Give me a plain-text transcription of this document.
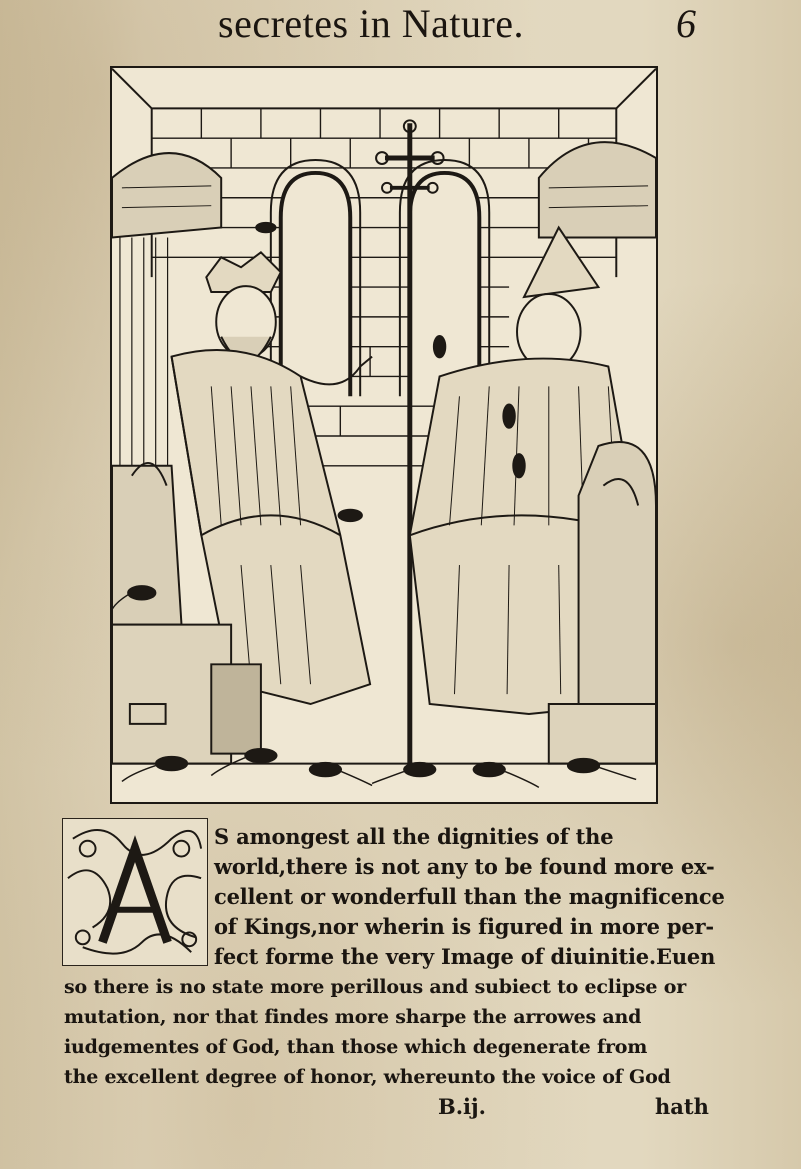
secretes in Nature.	6
S amongest all the dignities of the
world,there is not any to be found more ex-
cellent or wonderfull than the magnificence
of Kings,nor wherin is figured in more per-
fect forme the very Image of diuinitie.Euen
so there is no state more perillous and subiect to eclipse or
mutation, nor that findes more sharpe the arrowes and
iudgementes of God, than those which degenerate from
the excellent degree of honor, whereunto the voice of God
B.ij.	hath
